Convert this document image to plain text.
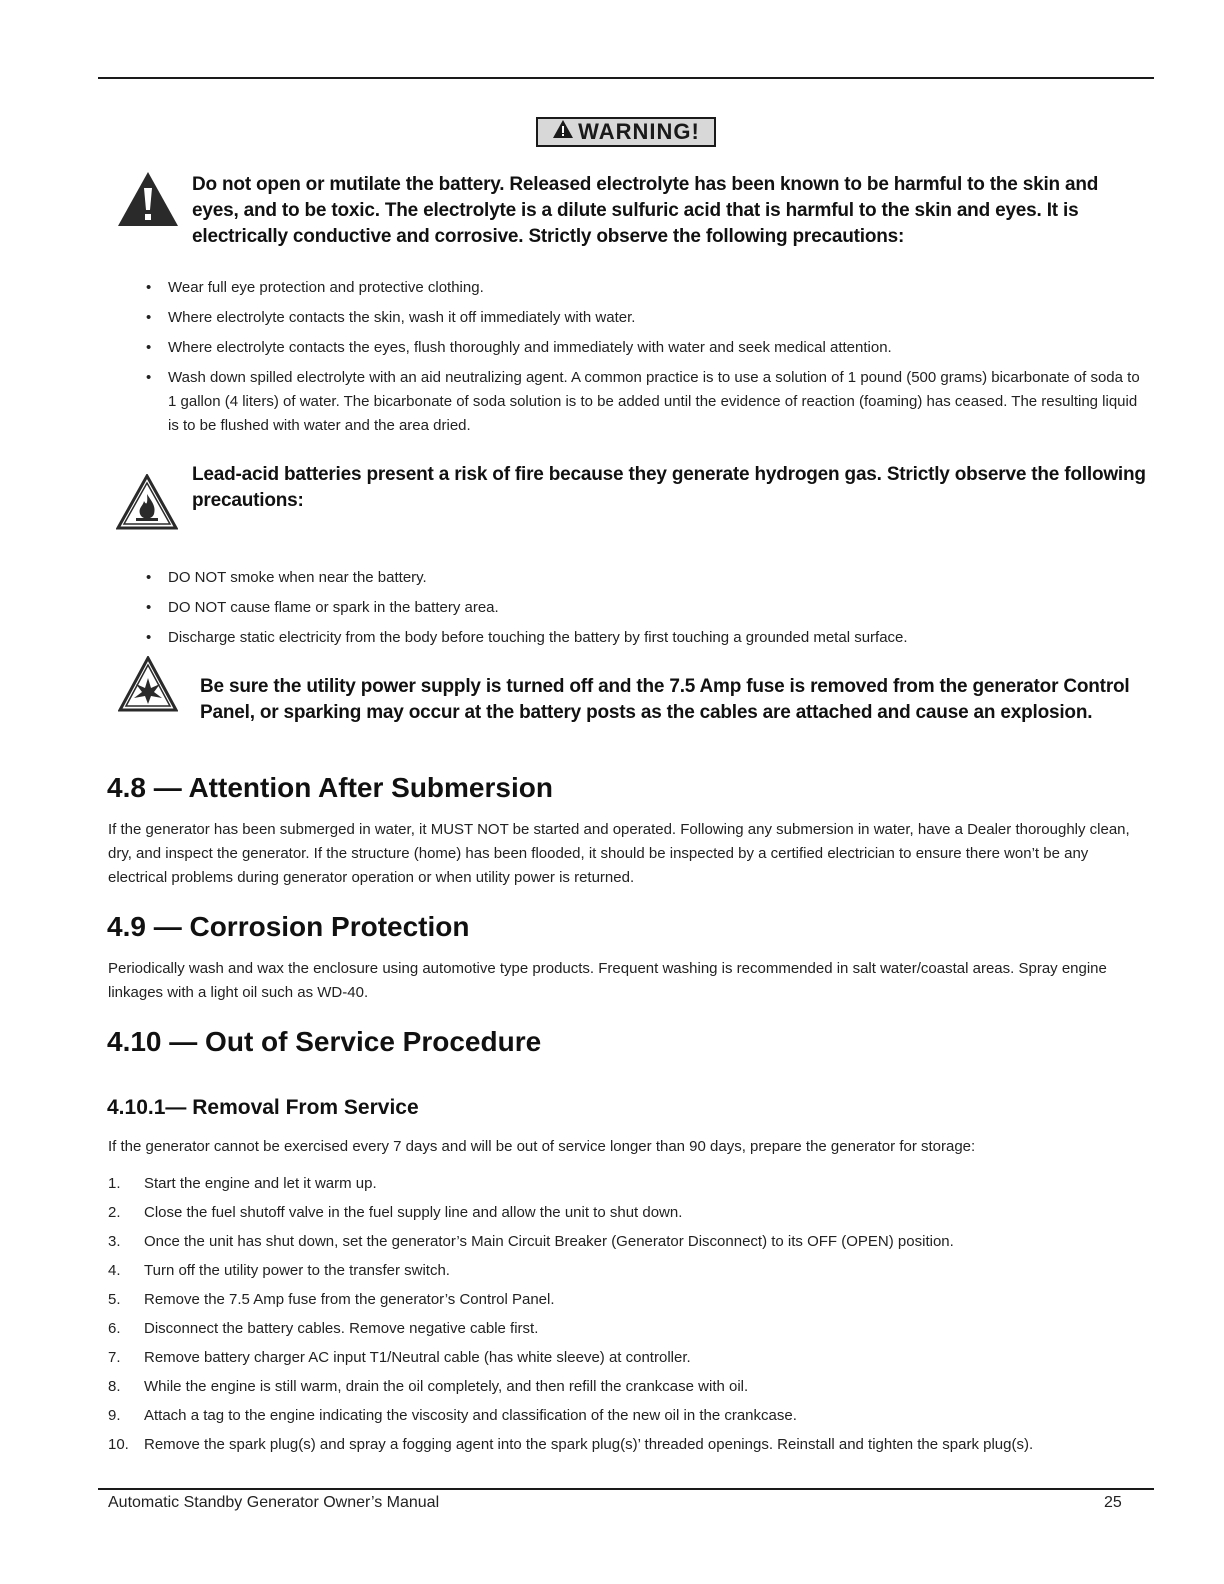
WARNING!
Do not open or mutilate the battery. Released electrolyte has been known to be harmful to the skin and eyes, and to be toxic. The electrolyte is a dilute sulfuric acid that is harmful to the skin and eyes. It is electrically conductive and corrosive. Strictly observe the following precautions:
• Wear full eye protection and protective clothing.
• Where electrolyte contacts the skin, wash it off immediately with water.
• Where electrolyte contacts the eyes, flush thoroughly and immediately with water and seek medical attention.
• Wash down spilled electrolyte with an aid neutralizing agent. A common practice is to use a solution of 1 pound (500 grams) bicarbonate of soda to 1 gallon (4 liters) of water. The bicarbonate of soda solution is to be added until the evidence of reaction (foaming) has ceased. The resulting liquid is to be flushed with water and the area dried.
Lead-acid batteries present a risk of fire because they generate hydrogen gas. Strictly observe the following precautions:
• DO NOT smoke when near the battery.
• DO NOT cause flame or spark in the battery area.
• Discharge static electricity from the body before touching the battery by first touching a grounded metal surface.
Be sure the utility power supply is turned off and the 7.5 Amp fuse is removed from the generator Control Panel, or sparking may occur at the battery posts as the cables are attached and cause an explosion.
4.8 — Attention After Submersion

If the generator has been submerged in water, it MUST NOT be started and operated. Following any submersion in water, have a Dealer thoroughly clean, dry, and inspect the generator. If the structure (home) has been flooded, it should be inspected by a certified electrician to ensure there won’t be any electrical problems during generator operation or when utility power is returned.

4.9 — Corrosion Protection

Periodically wash and wax the enclosure using automotive type products. Frequent washing is recommended in salt water/coastal areas. Spray engine linkages with a light oil such as WD-40.

4.10 — Out of Service Procedure
4.10.1— Removal From Service

If the generator cannot be exercised every 7 days and will be out of service longer than 90 days, prepare the generator for storage:

1. Start the engine and let it warm up.
2. Close the fuel shutoff valve in the fuel supply line and allow the unit to shut down.
3. Once the unit has shut down, set the generator’s Main Circuit Breaker (Generator Disconnect) to its OFF (OPEN) position.
4. Turn off the utility power to the transfer switch.
5. Remove the 7.5 Amp fuse from the generator’s Control Panel.
6. Disconnect the battery cables. Remove negative cable first.
7. Remove battery charger AC input T1/Neutral cable (has white sleeve) at controller.
8. While the engine is still warm, drain the oil completely, and then refill the crankcase with oil.
9. Attach a tag to the engine indicating the viscosity and classification of the new oil in the crankcase.
10. Remove the spark plug(s) and spray a fogging agent into the spark plug(s)’ threaded openings. Reinstall and tighten the spark plug(s).
Automatic Standby Generator Owner’s Manual	25
